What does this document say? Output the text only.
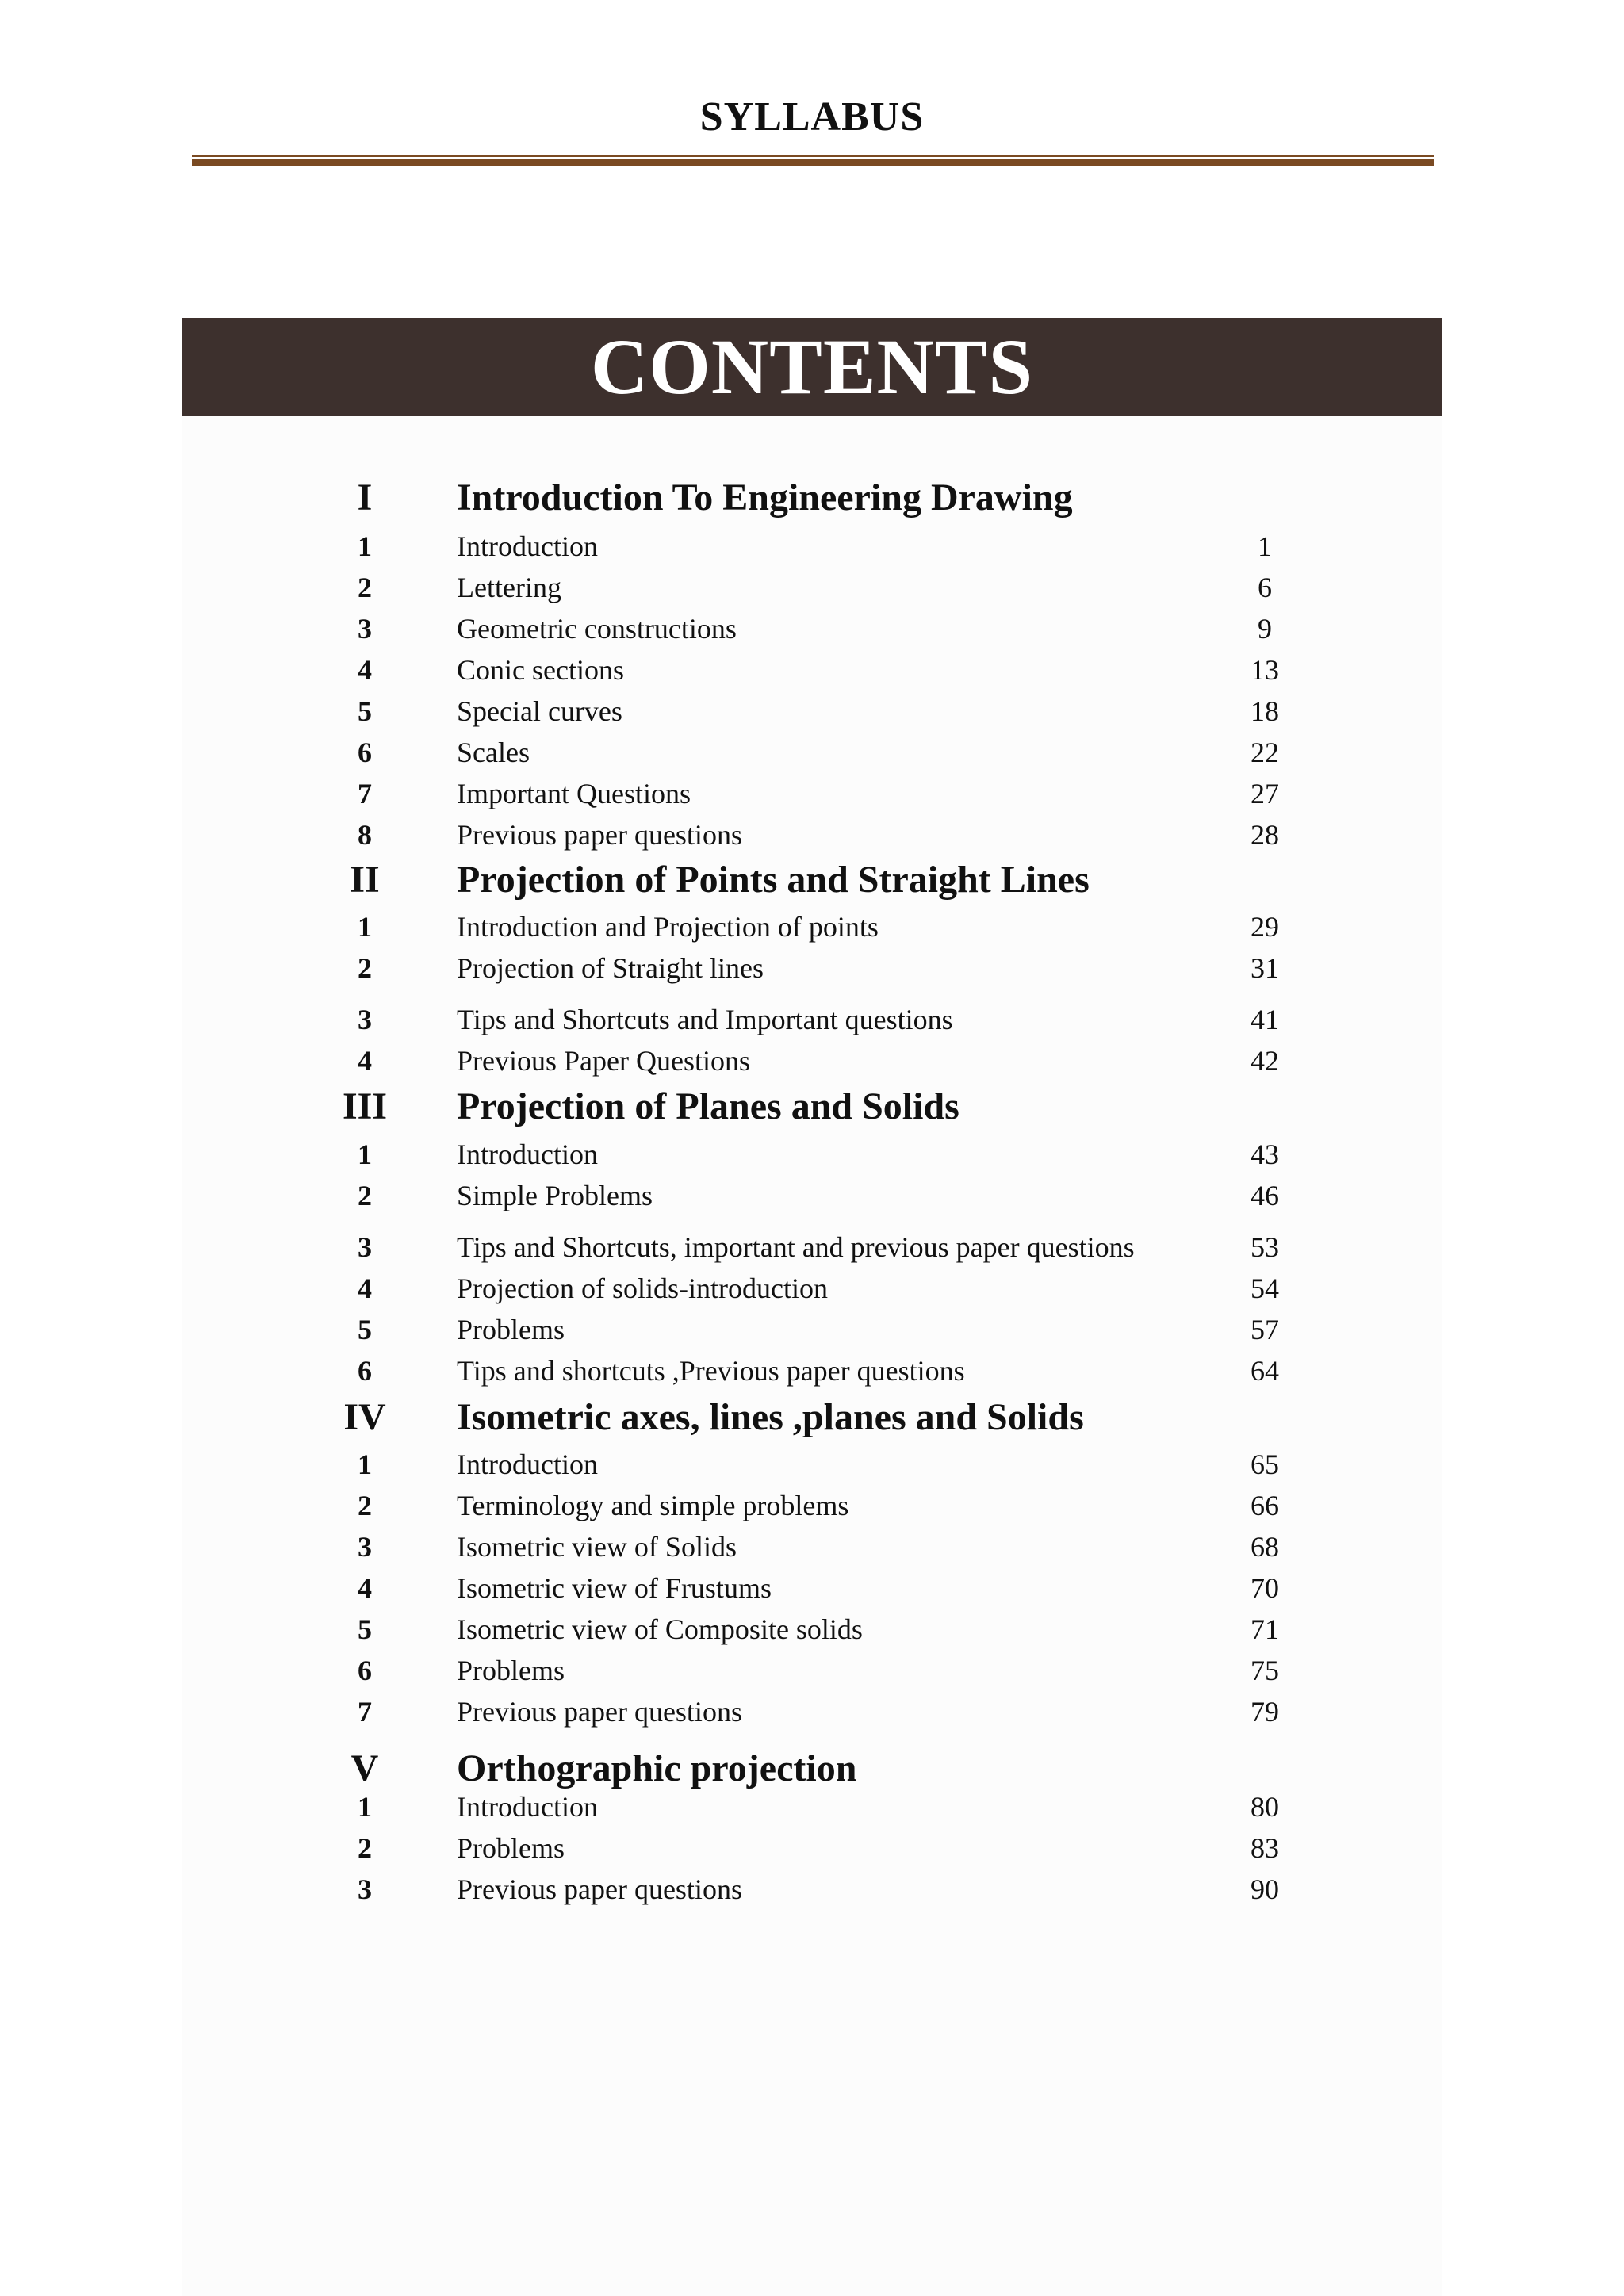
SYLLABUS
CONTENTS
I	Introduction To Engineering Drawing
1	Introduction	1
2	Lettering	6
3	Geometric constructions	9
4	Conic sections	13
5	Special curves	18
6	Scales	22
7	Important Questions	27
8	Previous paper questions	28
II	Projection of Points and Straight Lines
1	Introduction and Projection of points	29
2	Projection of Straight lines	31
3	Tips and Shortcuts and Important questions	41
4	Previous Paper Questions	42
III	Projection of Planes and Solids
1	Introduction	43
2	Simple Problems	46
3	Tips and Shortcuts, important and previous paper questions	53
4	Projection of solids-introduction	54
5	Problems	57
6	Tips and shortcuts ,Previous paper questions	64
IV	Isometric axes, lines ,planes and Solids
1	Introduction	65
2	Terminology and simple problems	66
3	Isometric view of Solids	68
4	Isometric view of Frustums	70
5	Isometric view of Composite solids	71
6	Problems	75
7	Previous paper questions	79
V	Orthographic projection
1	Introduction	80
2	Problems	83
3	Previous paper questions	90
